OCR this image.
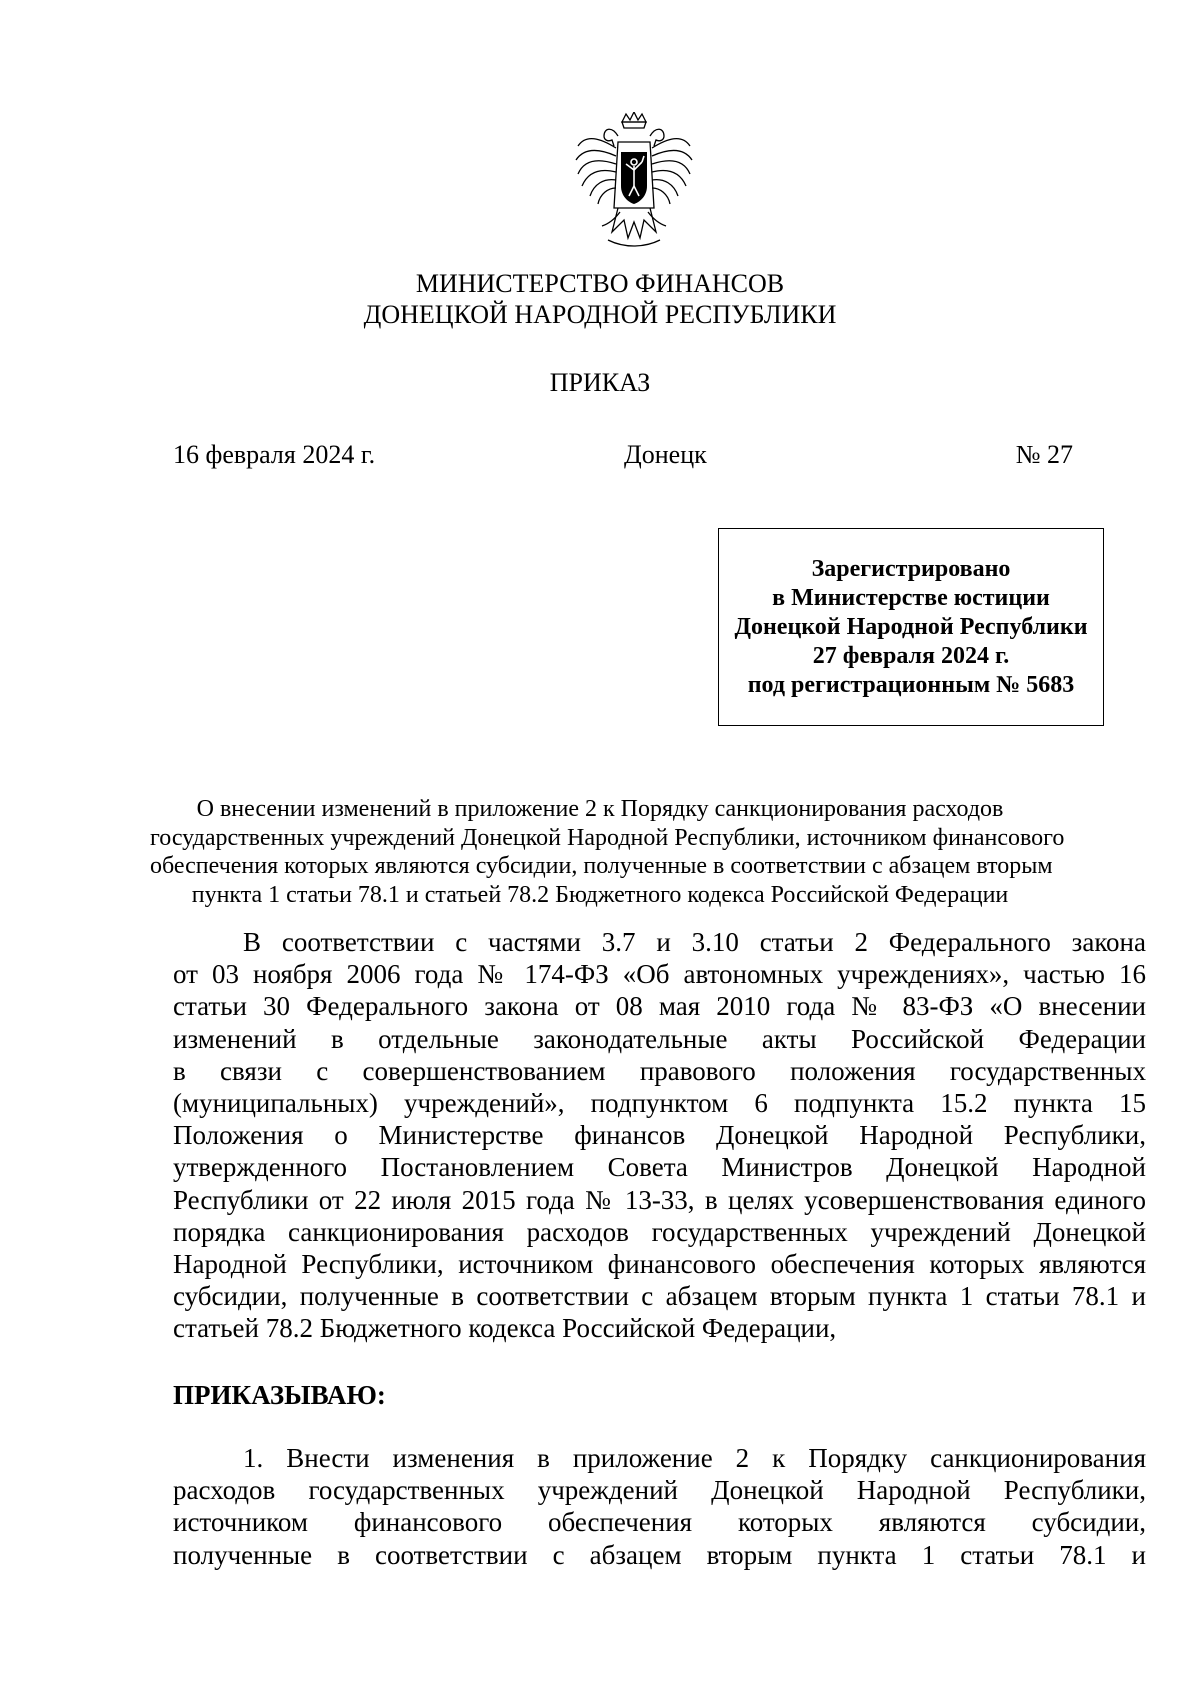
МИНИСТЕРСТВО ФИНАНСОВ
ДОНЕЦКОЙ НАРОДНОЙ РЕСПУБЛИКИ
ПРИКАЗ
16 февраля 2024 г.	Донецк	№ 27
Зарегистрировано
в Министерстве юстиции
Донецкой Народной Республики
27 февраля 2024 г.
под регистрационным № 5683
О внесении изменений в приложение 2 к Порядку санкционирования расходов
государственных учреждений Донецкой Народной Республики, источником финансового
обеспечения которых являются субсидии, полученные в соответствии с абзацем вторым
пункта 1 статьи 78.1 и статьей 78.2 Бюджетного кодекса Российской Федерации
В соответствии с частями 3.7 и 3.10 статьи 2 Федерального закона
от 03 ноября 2006 года № 174-ФЗ «Об автономных учреждениях», частью 16
статьи 30 Федерального закона от 08 мая 2010 года № 83-ФЗ «О внесении
изменений в отдельные законодательные акты Российской Федерации
в связи с совершенствованием правового положения государственных
(муниципальных) учреждений», подпунктом 6 подпункта 15.2 пункта 15
Положения о Министерстве финансов Донецкой Народной Республики,
утвержденного Постановлением Совета Министров Донецкой Народной
Республики от 22 июля 2015 года № 13-33, в целях усовершенствования единого
порядка санкционирования расходов государственных учреждений Донецкой
Народной Республики, источником финансового обеспечения которых являются
субсидии, полученные в соответствии с абзацем вторым пункта 1 статьи 78.1 и
статьей 78.2 Бюджетного кодекса Российской Федерации,
ПРИКАЗЫВАЮ:
1. Внести изменения в приложение 2 к Порядку санкционирования
расходов государственных учреждений Донецкой Народной Республики,
источником финансового обеспечения которых являются субсидии,
полученные в соответствии с абзацем вторым пункта 1 статьи 78.1 и
